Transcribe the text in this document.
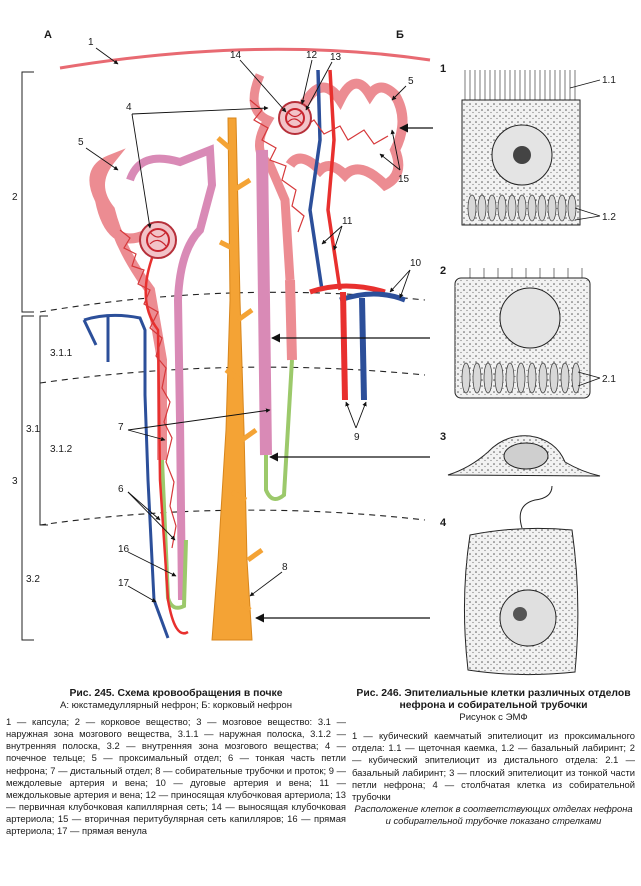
А	Б
1
2
3
4
5
5
6
7
8
9
10
11
12 13
14
15
16
17
3.1.1
3.1
3.1.2
3.2
1
2
3
4
1.1
1.2
2.1

Рис. 245. Схема кровообращения в почке

А: юкстамедуллярный нефрон; Б: корковый нефрон

1 — капсула; 2 — корковое вещество; 3 — мозговое вещество: 3.1 — наружная зона мозгового вещества, 3.1.1 — наружная полоска, 3.1.2 — внутренняя полоска, 3.2 — внутренняя зона мозгового вещества; 4 — почечное тельце; 5 — проксимальный отдел; 6 — тонкая часть петли нефрона; 7 — дистальный отдел; 8 — собирательные трубочки и проток; 9 — междолевые артерия и вена; 10 — дуговые артерия и вена; 11 — междольковые артерия и вена; 12 — приносящая клубочковая артериола; 13 — первичная клубочковая капиллярная сеть; 14 — выносящая клубочковая артериола; 15 — вторичная перитубулярная сеть капилляров; 16 — прямая артериола; 17 — прямая венула

Рис. 246. Эпителиальные клетки различных отделов нефрона и собирательной трубочки

Рисунок с ЭМФ

1 — кубический каемчатый эпителиоцит из проксимального отдела: 1.1 — щеточная каемка, 1.2 — базальный лабиринт; 2 — кубический эпителиоцит из дистального отдела: 2.1 — базальный лабиринт; 3 — плоский эпителиоцит из тонкой части петли нефрона; 4 — столбчатая клетка из собирательной трубочки

Расположение клеток в соответствующих отделах нефрона и собирательной трубочке показано стрелками
